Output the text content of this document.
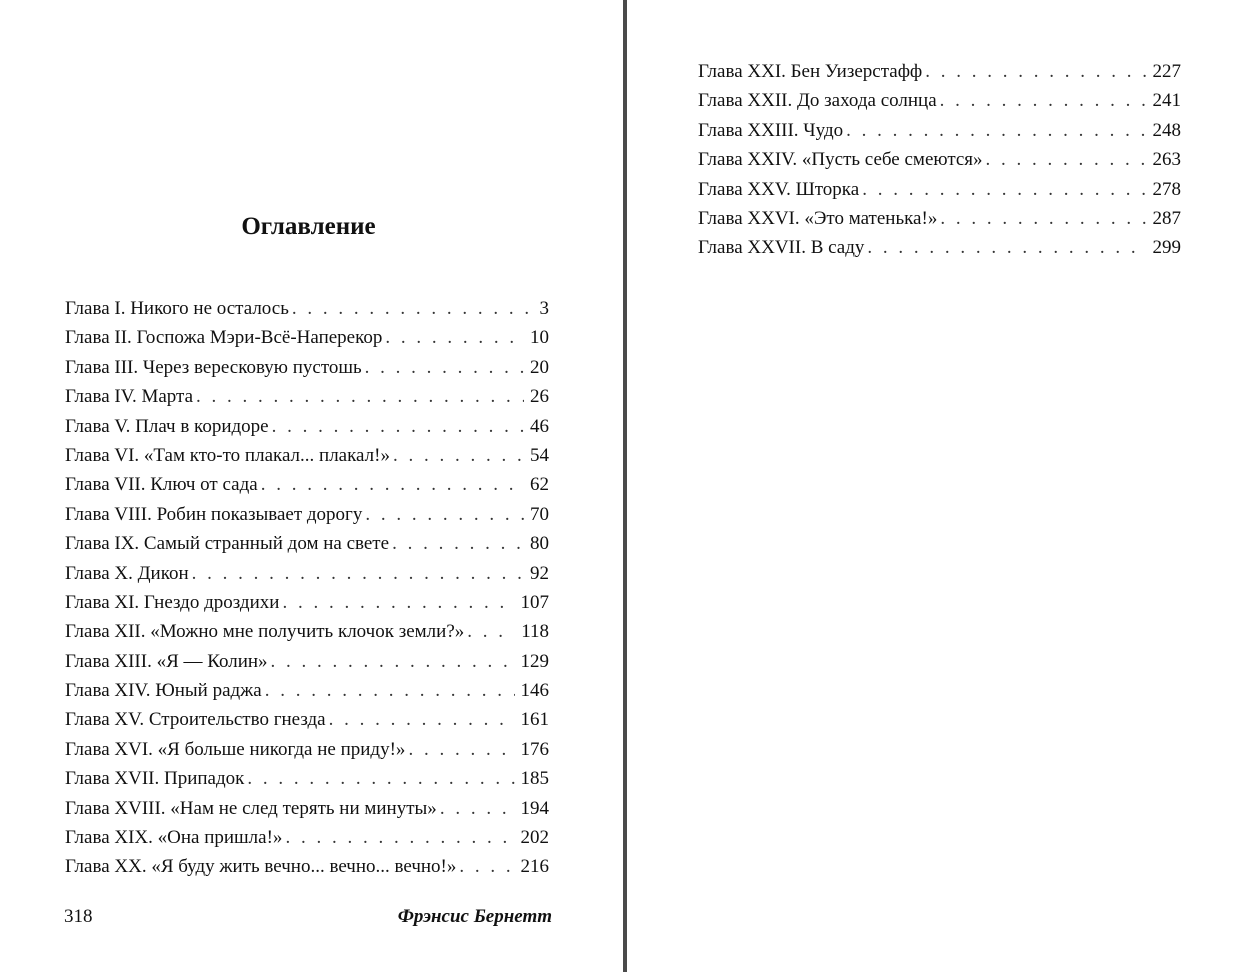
Оглавление
Глава I. Никого не осталось . . .	3
Глава II. Госпожа Мэри-Всё-Наперекор . . .	10
Глава III. Через вересковую пустошь . . .	20
Глава IV. Марта . . .	26
Глава V. Плач в коридоре . . .	46
Глава VI. «Там кто-то плакал... плакал!» . . .	54
Глава VII. Ключ от сада . . .	62
Глава VIII. Робин показывает дорогу . . .	70
Глава IX. Самый странный дом на свете . . .	80
Глава X. Дикон . . .	92
Глава XI. Гнездо дроздихи . . .	107
Глава XII. «Можно мне получить клочок земли?» . . .	118
Глава XIII. «Я — Колин» . . .	129
Глава XIV. Юный раджа . . .	146
Глава XV. Строительство гнезда . . .	161
Глава XVI. «Я больше никогда не приду!» . . .	176
Глава XVII. Припадок . . .	185
Глава XVIII. «Нам не след терять ни минуты» . . .	194
Глава XIX. «Она пришла!» . . .	202
Глава XX. «Я буду жить вечно... вечно... вечно!» . . .	216
318	Фрэнсис Бернетт
Глава XXI. Бен Уизерстафф . . .	227
Глава XXII. До захода солнца . . .	241
Глава XXIII. Чудо . . .	248
Глава XXIV. «Пусть себе смеются» . . .	263
Глава XXV. Шторка . . .	278
Глава XXVI. «Это матенька!» . . .	287
Глава XXVII. В саду . . .	299
